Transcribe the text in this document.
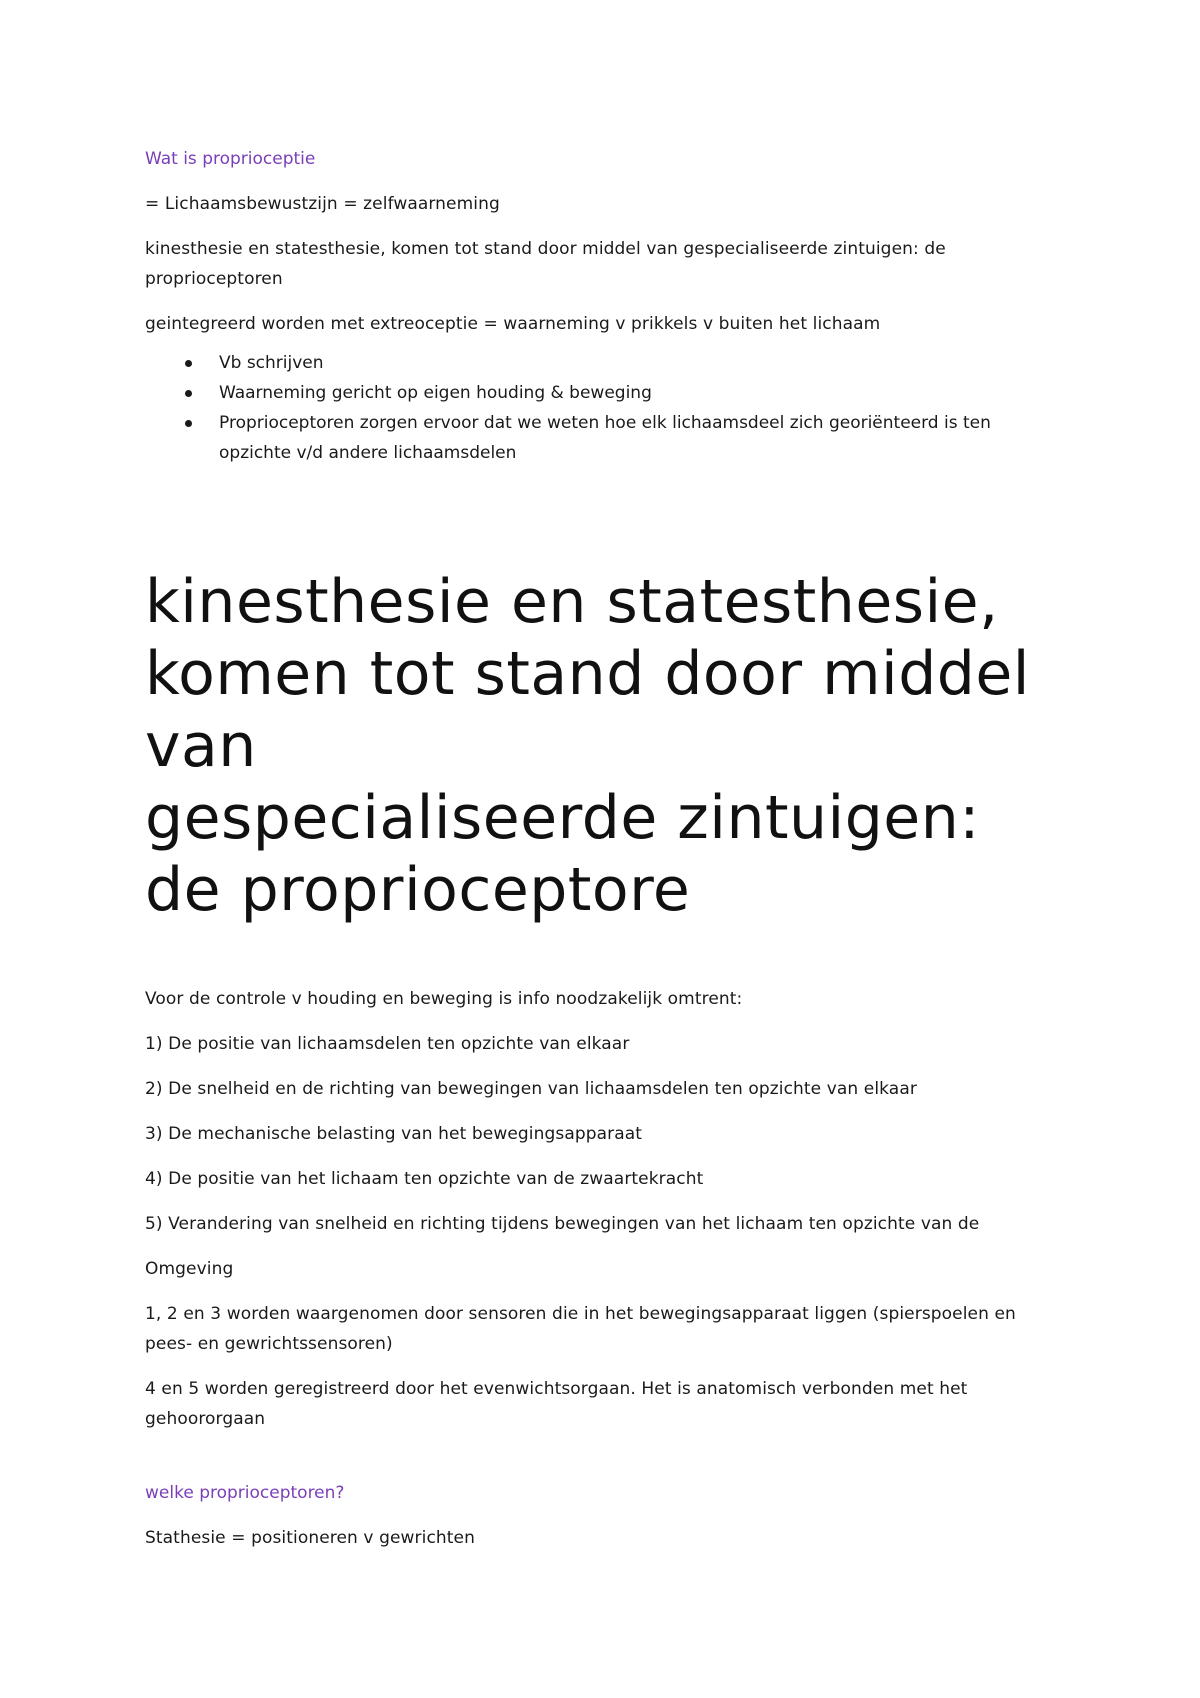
Wat is proprioceptie

= Lichaamsbewustzijn = zelfwaarneming

kinesthesie en statesthesie, komen tot stand door middel van gespecialiseerde zintuigen: de
proprioceptoren

geintegreerd worden met extreoceptie = waarneming v prikkels v buiten het lichaam

Vb schrijven
Waarneming gericht op eigen houding & beweging
Proprioceptoren zorgen ervoor dat we weten hoe elk lichaamsdeel zich georiënteerd is ten
opzichte v/d andere lichaamsdelen
kinesthesie en statesthesie,
komen tot stand door middel
van
gespecialiseerde zintuigen:
de proprioceptore

Voor de controle v houding en beweging is info noodzakelijk omtrent:

1) De positie van lichaamsdelen ten opzichte van elkaar

2) De snelheid en de richting van bewegingen van lichaamsdelen ten opzichte van elkaar

3) De mechanische belasting van het bewegingsapparaat

4) De positie van het lichaam ten opzichte van de zwaartekracht

5) Verandering van snelheid en richting tijdens bewegingen van het lichaam ten opzichte van de

Omgeving

1, 2 en 3 worden waargenomen door sensoren die in het bewegingsapparaat liggen (spierspoelen en
pees- en gewrichtssensoren)

4 en 5 worden geregistreerd door het evenwichtsorgaan. Het is anatomisch verbonden met het
gehoororgaan

welke proprioceptoren?

Stathesie = positioneren v gewrichten
